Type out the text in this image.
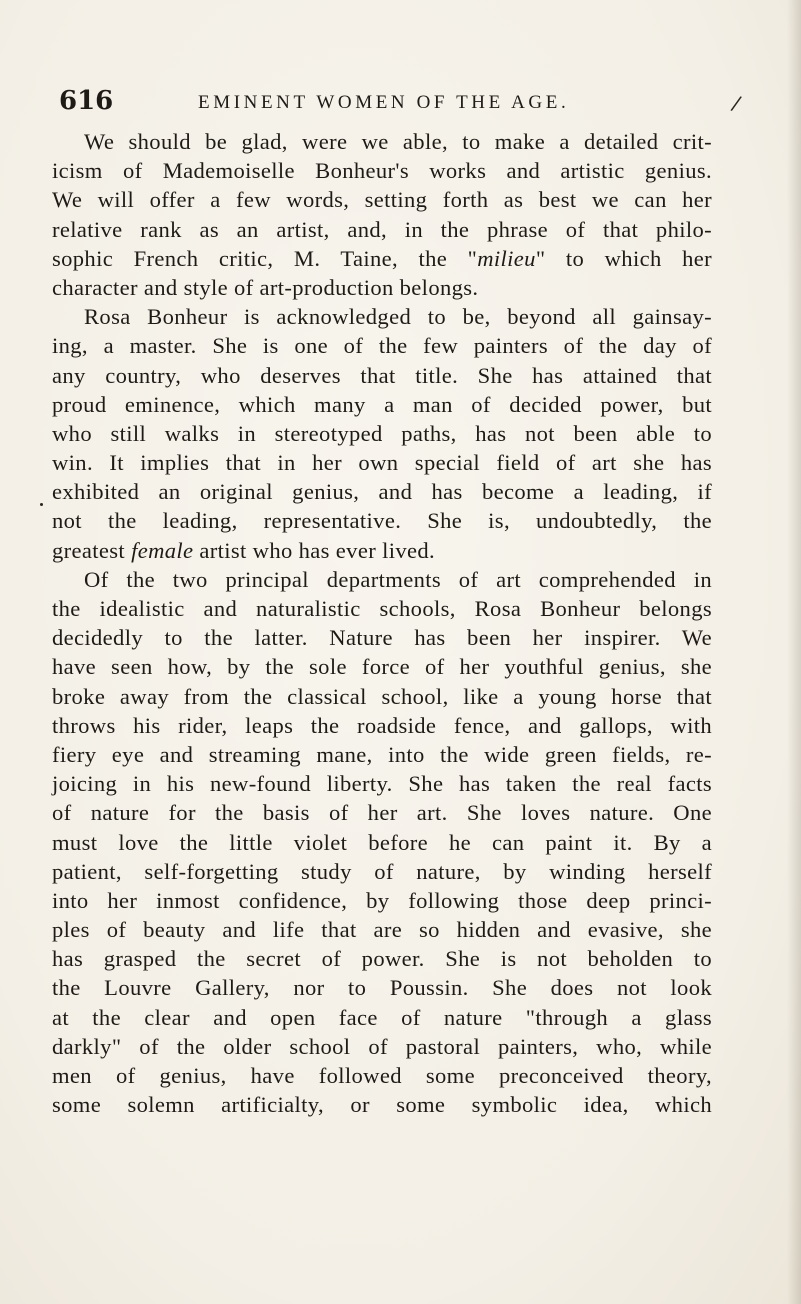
616	EMINENT WOMEN OF THE AGE.	/
We should be glad, were we able, to make a detailed crit-
icism of Mademoiselle Bonheur's works and artistic genius.
We will offer a few words, setting forth as best we can her
relative rank as an artist, and, in the phrase of that philo-
sophic French critic, M. Taine, the "milieu" to which her
character and style of art-production belongs.
Rosa Bonheur is acknowledged to be, beyond all gainsay-
ing, a master. She is one of the few painters of the day of
any country, who deserves that title. She has attained that
proud eminence, which many a man of decided power, but
who still walks in stereotyped paths, has not been able to
win. It implies that in her own special field of art she has
exhibited an original genius, and has become a leading, if
not the leading, representative. She is, undoubtedly, the
greatest female artist who has ever lived.
Of the two principal departments of art comprehended in
the idealistic and naturalistic schools, Rosa Bonheur belongs
decidedly to the latter. Nature has been her inspirer. We
have seen how, by the sole force of her youthful genius, she
broke away from the classical school, like a young horse that
throws his rider, leaps the roadside fence, and gallops, with
fiery eye and streaming mane, into the wide green fields, re-
joicing in his new-found liberty. She has taken the real facts
of nature for the basis of her art. She loves nature. One
must love the little violet before he can paint it. By a
patient, self-forgetting study of nature, by winding herself
into her inmost confidence, by following those deep princi-
ples of beauty and life that are so hidden and evasive, she
has grasped the secret of power. She is not beholden to
the Louvre Gallery, nor to Poussin. She does not look
at the clear and open face of nature "through a glass
darkly" of the older school of pastoral painters, who, while
men of genius, have followed some preconceived theory,
some solemn artificialty, or some symbolic idea, which
